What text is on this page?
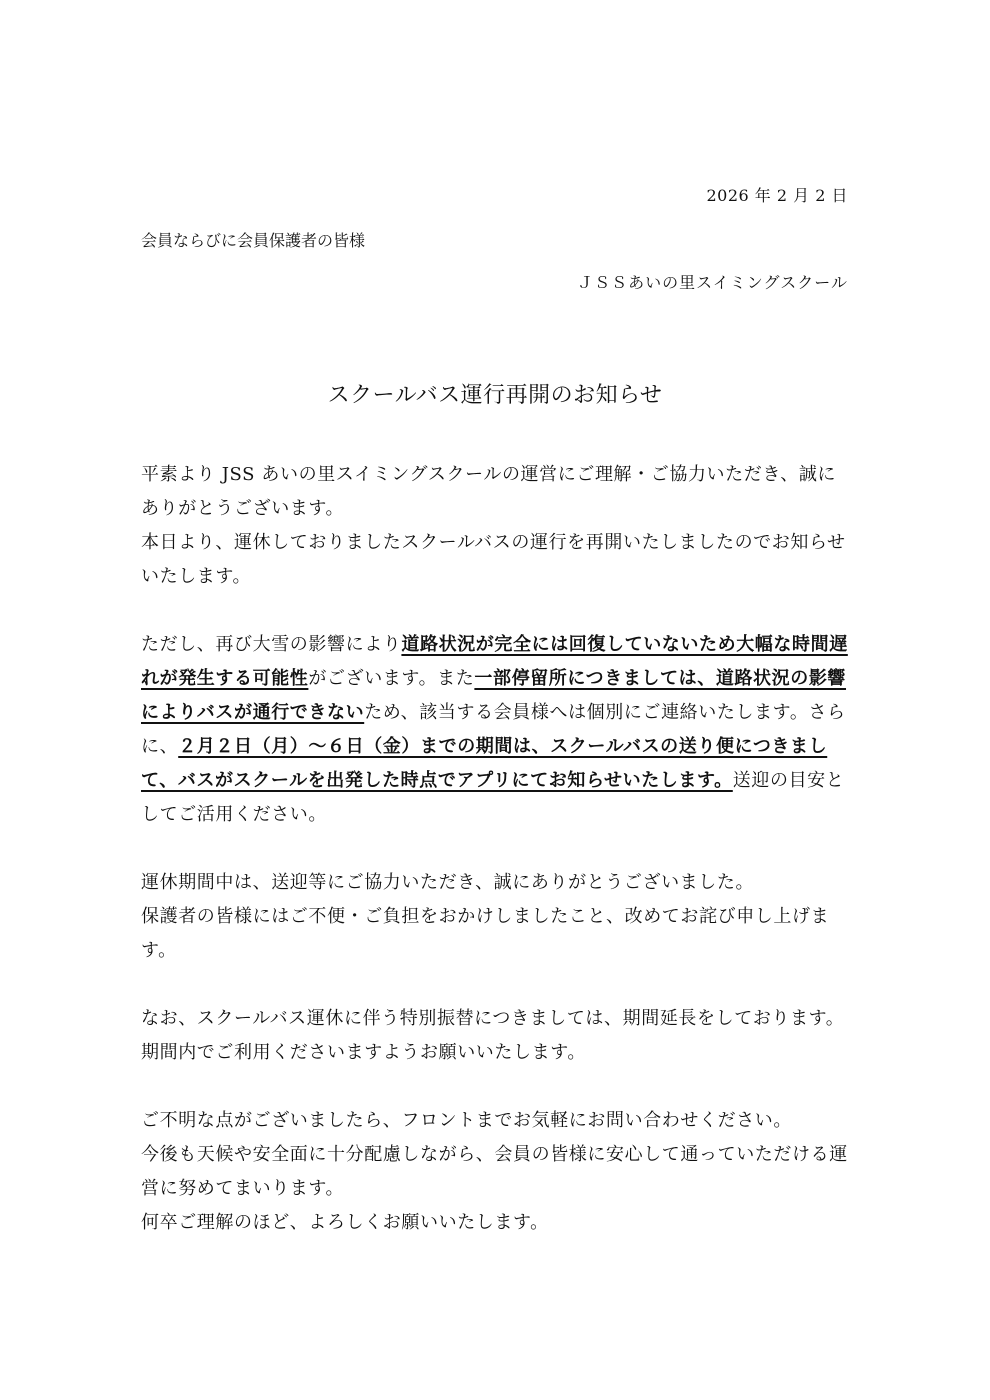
2026 年 2 月 2 日
会員ならびに会員保護者の皆様
ＪＳＳあいの里スイミングスクール
スクールバス運行再開のお知らせ

平素より JSS あいの里スイミングスクールの運営にご理解・ご協力いただき、誠にありがとうございます。

本日より、運休しておりましたスクールバスの運行を再開いたしましたのでお知らせいたします。

ただし、再び大雪の影響により道路状況が完全には回復していないため大幅な時間遅れが発生する可能性がございます。また一部停留所につきましては、道路状況の影響によりバスが通行できないため、該当する会員様へは個別にご連絡いたします。さらに、２月２日（月）～６日（金）までの期間は、スクールバスの送り便につきまして、バスがスクールを出発した時点でアプリにてお知らせいたします。送迎の目安としてご活用ください。

運休期間中は、送迎等にご協力いただき、誠にありがとうございました。

保護者の皆様にはご不便・ご負担をおかけしましたこと、改めてお詫び申し上げます。

なお、スクールバス運休に伴う特別振替につきましては、期間延長をしております。期間内でご利用くださいますようお願いいたします。

ご不明な点がございましたら、フロントまでお気軽にお問い合わせください。

今後も天候や安全面に十分配慮しながら、会員の皆様に安心して通っていただける運営に努めてまいります。

何卒ご理解のほど、よろしくお願いいたします。
